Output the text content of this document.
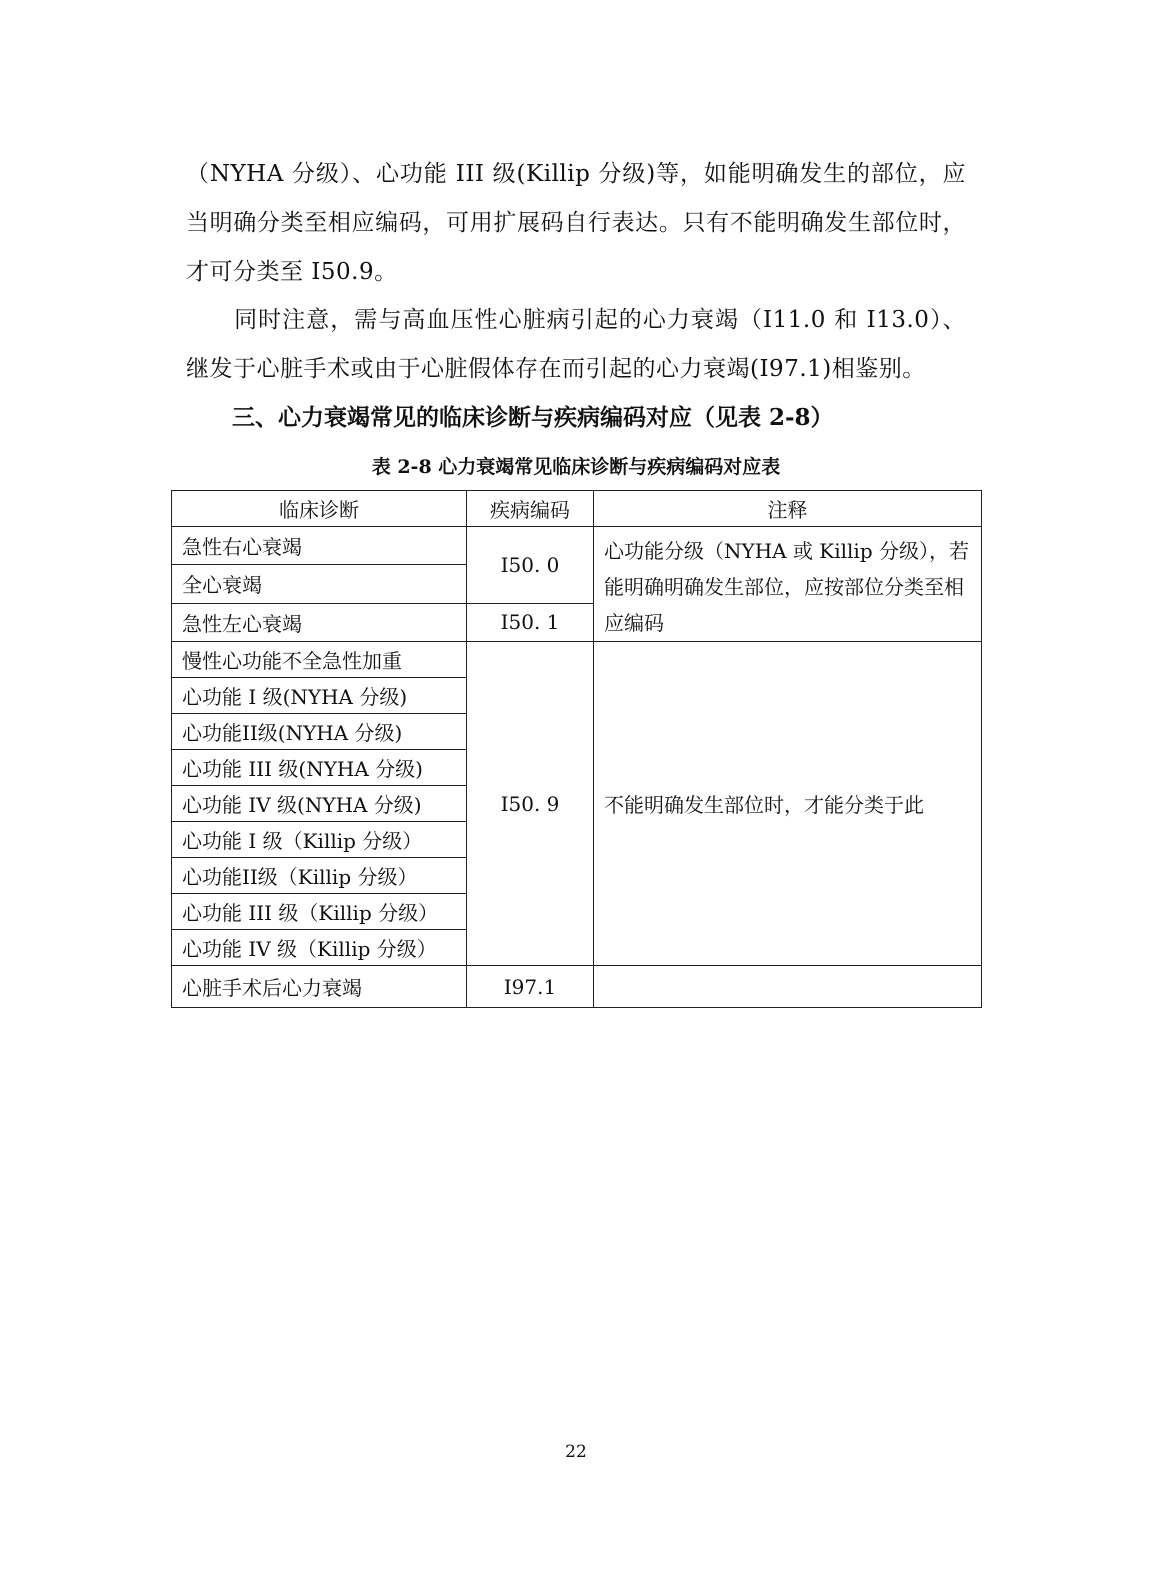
（NYHA 分级）、心功能 III 级(Killip 分级)等，如能明确发生的部位，应当明确分类至相应编码，可用扩展码自行表达。只有不能明确发生部位时，才可分类至 I50.9。

　　同时注意，需与高血压性心脏病引起的心力衰竭（I11.0 和 I13.0）、继发于心脏手术或由于心脏假体存在而引起的心力衰竭(I97.1)相鉴别。

三、心力衰竭常见的临床诊断与疾病编码对应（见表 2-8）

表 2-8 心力衰竭常见临床诊断与疾病编码对应表

临床诊断	疾病编码	注释
急性右心衰竭	I50. 0	心功能分级（NYHA 或 Killip 分级），若能明确明确发生部位，应按部位分类至相应编码
全心衰竭		
急性左心衰竭	I50. 1	
慢性心功能不全急性加重	I50. 9	不能明确发生部位时，才能分类于此
心功能 I 级(NYHA 分级)		
心功能II级(NYHA 分级)		
心功能 III 级(NYHA 分级)		
心功能 IV 级(NYHA 分级)		
心功能 I 级（Killip 分级）		
心功能II级（Killip 分级）		
心功能 III 级（Killip 分级）		
心功能 IV 级（Killip 分级）		
心脏手术后心力衰竭	I97.1	

22
